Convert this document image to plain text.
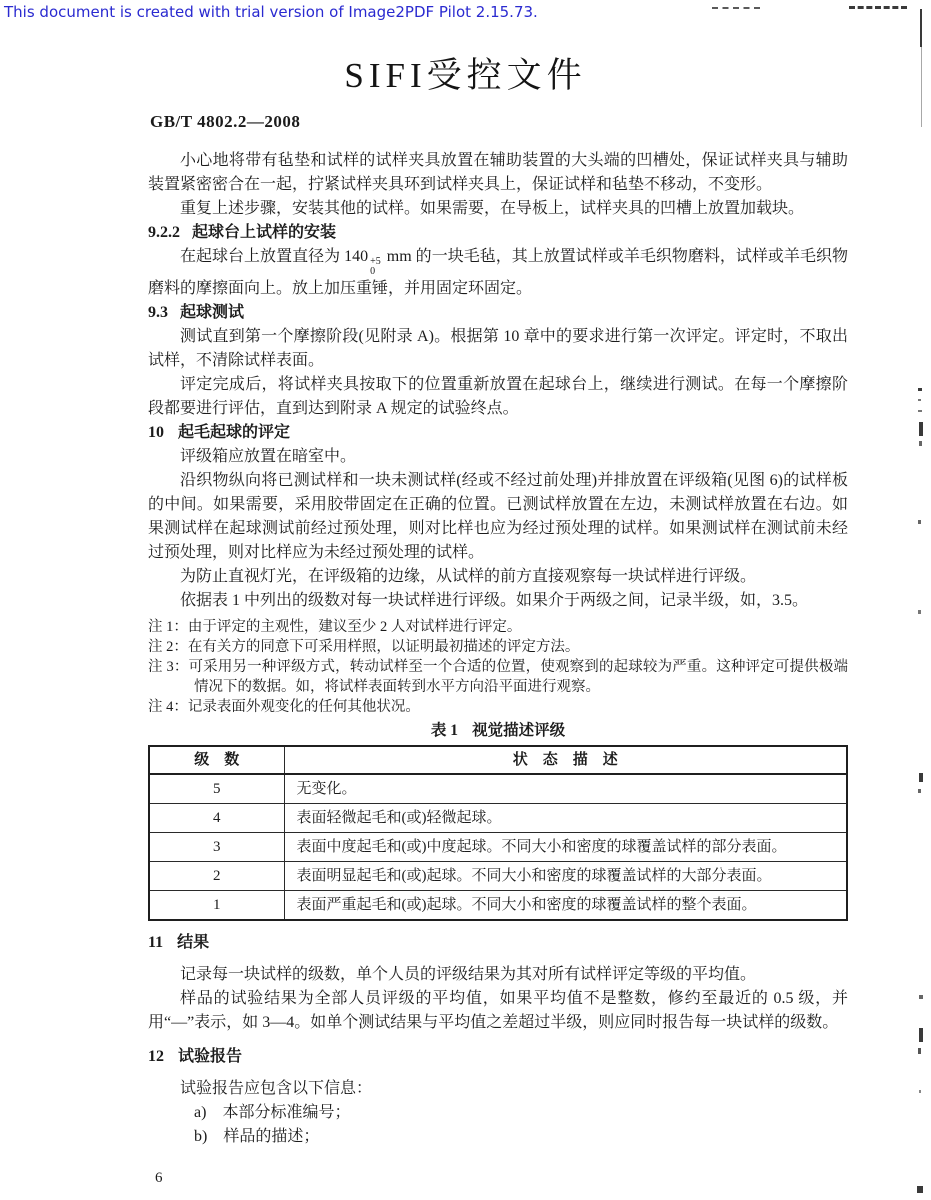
This document is created with trial version of Image2PDF Pilot 2.15.73.
SIFI受控文件
GB/T 4802.2—2008

小心地将带有毡垫和试样的试样夹具放置在辅助装置的大头端的凹槽处，保证试样夹具与辅助装置紧密密合在一起，拧紧试样夹具环到试样夹具上，保证试样和毡垫不移动，不变形。

重复上述步骤，安装其他的试样。如果需要，在导板上，试样夹具的凹槽上放置加载块。

9.2.2 起球台上试样的安装

在起球台上放置直径为 140 +5
0
mm 的一块毛毡，其上放置试样或羊毛织物磨料，试样或羊毛织物磨料的摩擦面向上。放上加压重锤，并用固定环固定。

9.3 起球测试

测试直到第一个摩擦阶段(见附录 A)。根据第 10 章中的要求进行第一次评定。评定时，不取出试样，不清除试样表面。

评定完成后，将试样夹具按取下的位置重新放置在起球台上，继续进行测试。在每一个摩擦阶段都要进行评估，直到达到附录 A 规定的试验终点。

10 起毛起球的评定

评级箱应放置在暗室中。

沿织物纵向将已测试样和一块未测试样(经或不经过前处理)并排放置在评级箱(见图 6)的试样板的中间。如果需要，采用胶带固定在正确的位置。已测试样放置在左边，未测试样放置在右边。如果测试样在起球测试前经过预处理，则对比样也应为经过预处理的试样。如果测试样在测试前未经过预处理，则对比样应为未经过预处理的试样。

为防止直视灯光，在评级箱的边缘，从试样的前方直接观察每一块试样进行评级。

依据表 1 中列出的级数对每一块试样进行评级。如果介于两级之间，记录半级，如，3.5。

注 1：由于评定的主观性，建议至少 2 人对试样进行评定。

注 2：在有关方的同意下可采用样照，以证明最初描述的评定方法。

注 3：可采用另一种评级方式，转动试样至一个合适的位置，使观察到的起球较为严重。这种评定可提供极端情况下的数据。如，将试样表面转到水平方向沿平面进行观察。

注 4：记录表面外观变化的任何其他状况。

表 1 视觉描述评级
级　数	状　态　描　述
5	无变化。
4	表面轻微起毛和(或)轻微起球。
3	表面中度起毛和(或)中度起球。不同大小和密度的球覆盖试样的部分表面。
2	表面明显起毛和(或)起球。不同大小和密度的球覆盖试样的大部分表面。
1	表面严重起毛和(或)起球。不同大小和密度的球覆盖试样的整个表面。

11 结果

记录每一块试样的级数，单个人员的评级结果为其对所有试样评定等级的平均值。

样品的试验结果为全部人员评级的平均值，如果平均值不是整数，修约至最近的 0.5 级，并用“—”表示，如 3—4。如单个测试结果与平均值之差超过半级，则应同时报告每一块试样的级数。

12 试验报告

试验报告应包含以下信息：

a) 本部分标准编号；

b) 样品的描述；

6
